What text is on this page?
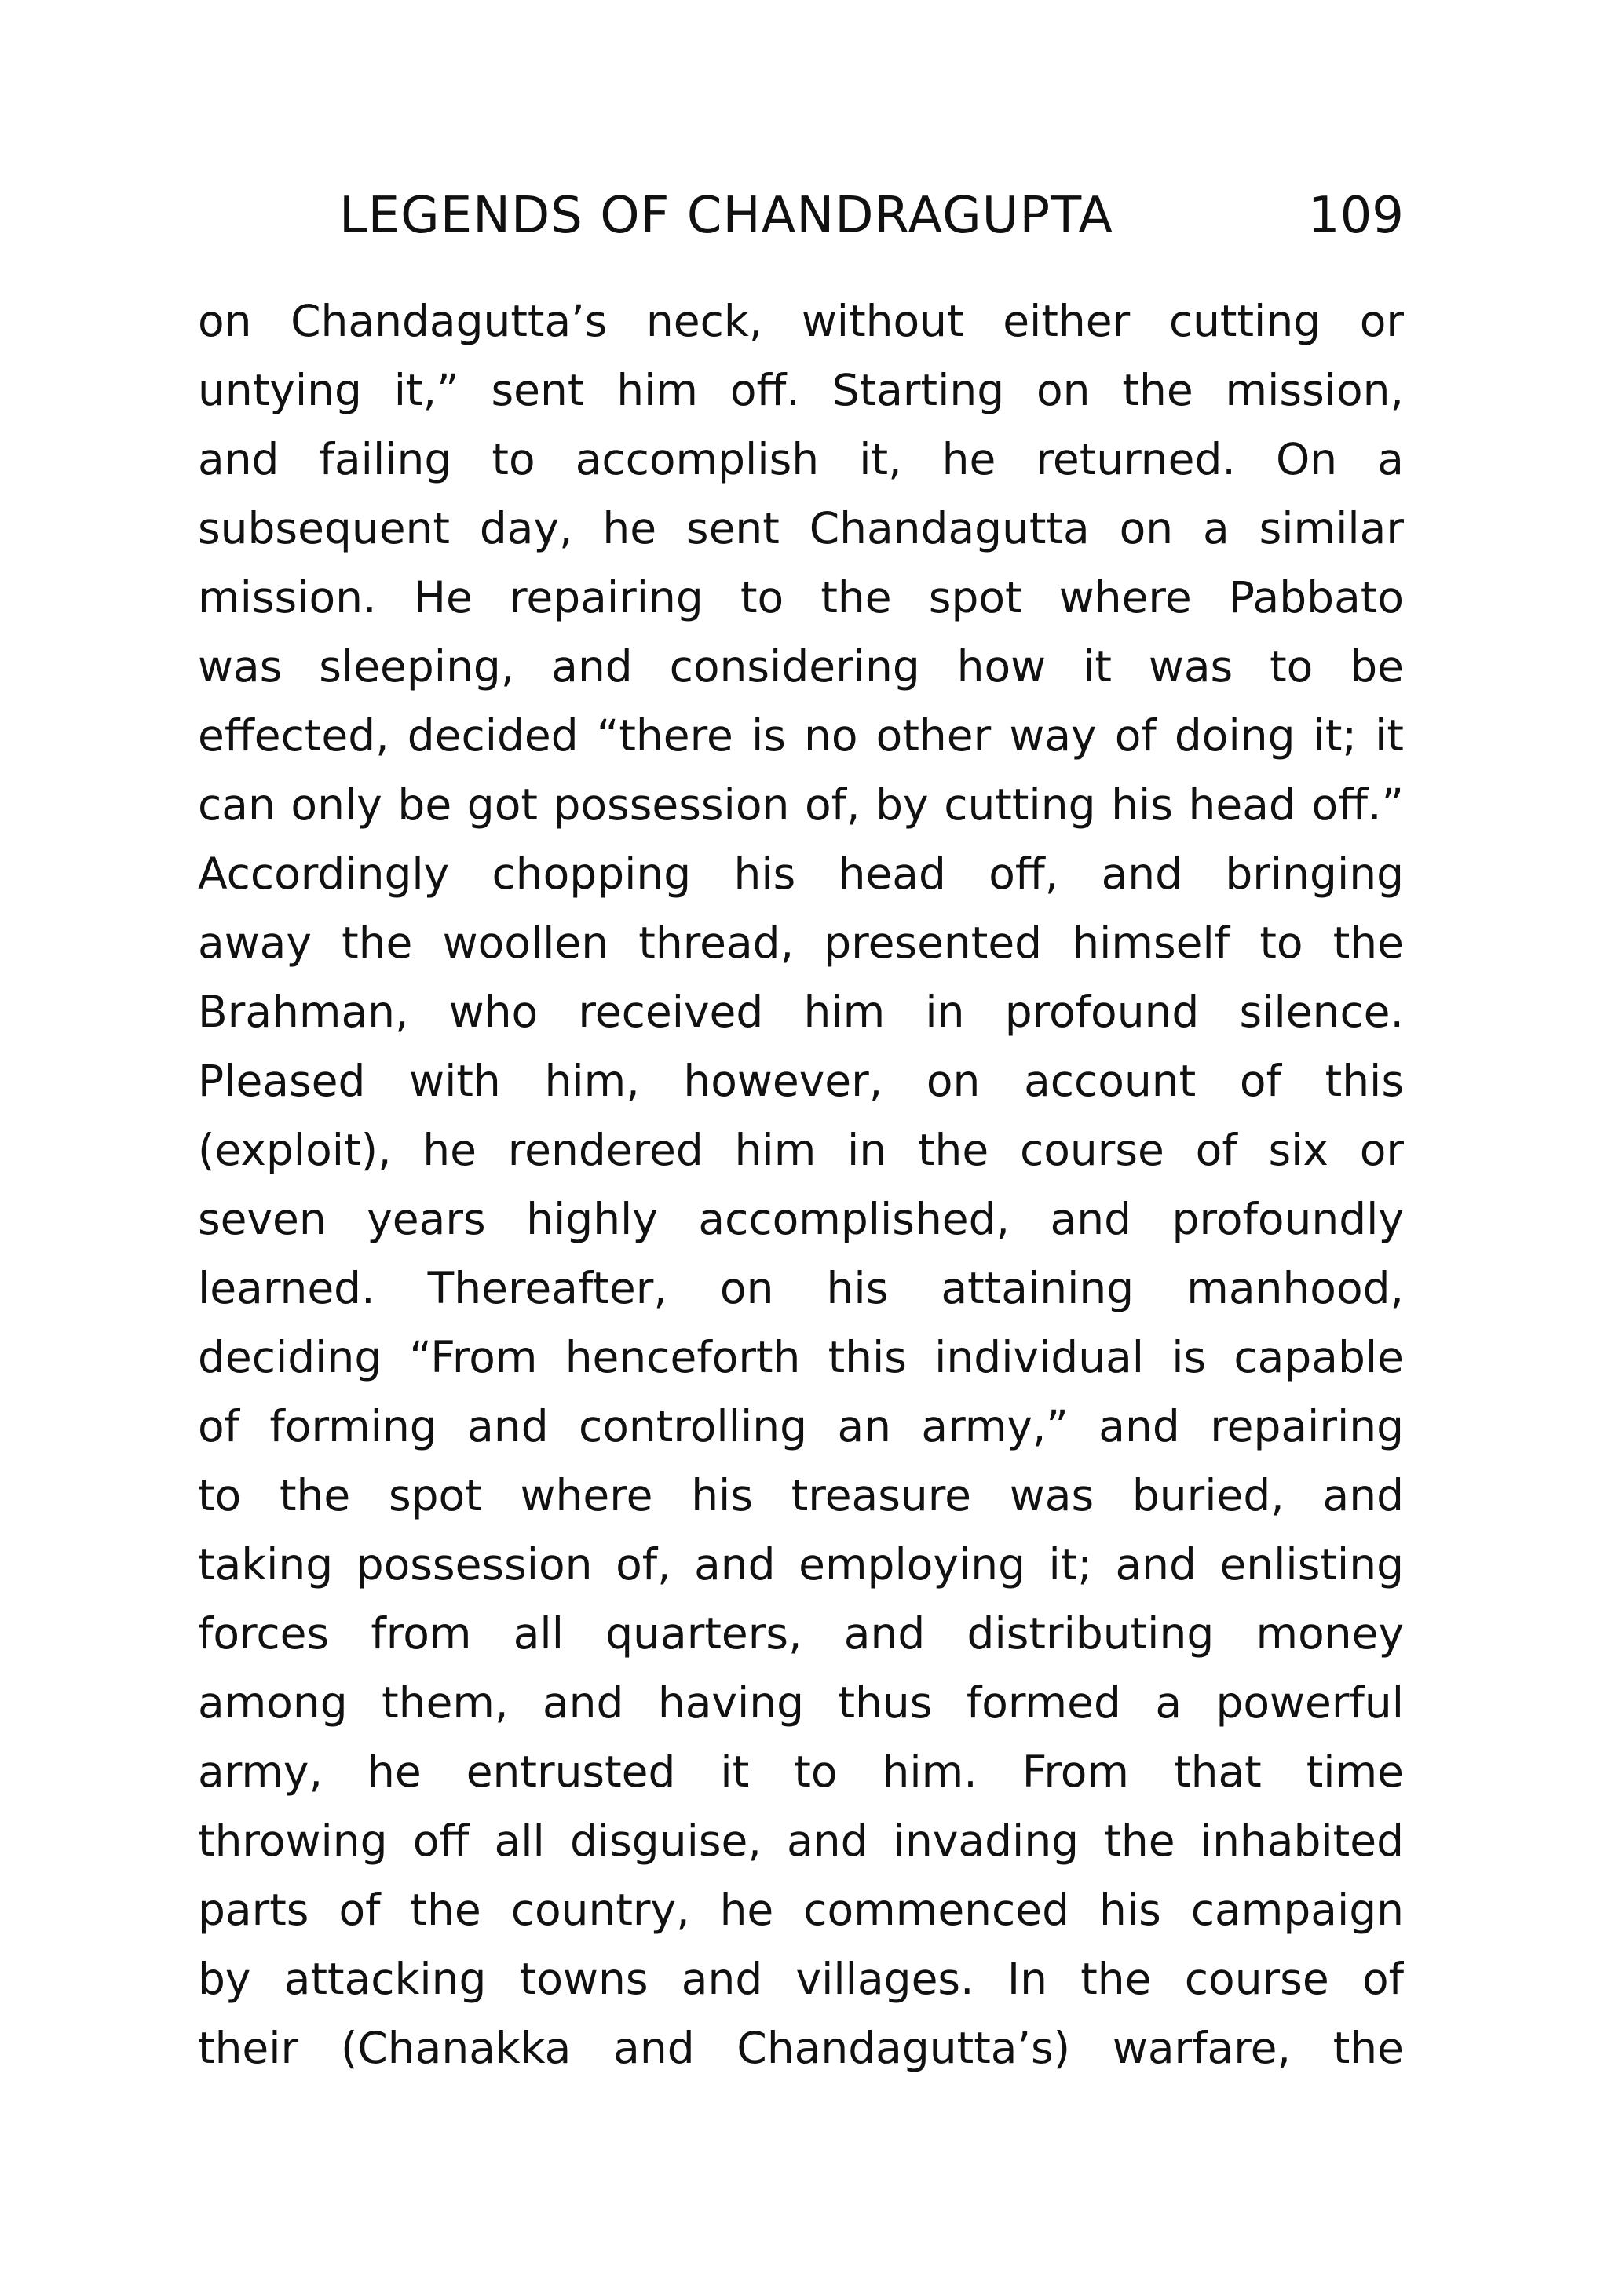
LEGENDS OF CHANDRAGUPTA	109
on Chandagutta’s neck, without either cutting or
untying it,” sent him off. Starting on the mission,
and failing to accomplish it, he returned. On a
subsequent day, he sent Chandagutta on a similar
mission. He repairing to the spot where Pabbato
was sleeping, and considering how it was to be
effected, decided “there is no other way of doing it; it
can only be got possession of, by cutting his head off.”
Accordingly chopping his head off, and bringing
away the woollen thread, presented himself to the
Brahman, who received him in profound silence.
Pleased with him, however, on account of this
(exploit), he rendered him in the course of six or
seven years highly accomplished, and profoundly
learned. Thereafter, on his attaining manhood,
deciding “From henceforth this individual is capable
of forming and controlling an army,” and repairing
to the spot where his treasure was buried, and
taking possession of, and employing it; and enlisting
forces from all quarters, and distributing money
among them, and having thus formed a powerful
army, he entrusted it to him. From that time
throwing off all disguise, and invading the inhabited
parts of the country, he commenced his campaign
by attacking towns and villages. In the course of
their (Chanakka and Chandagutta’s) warfare, the
